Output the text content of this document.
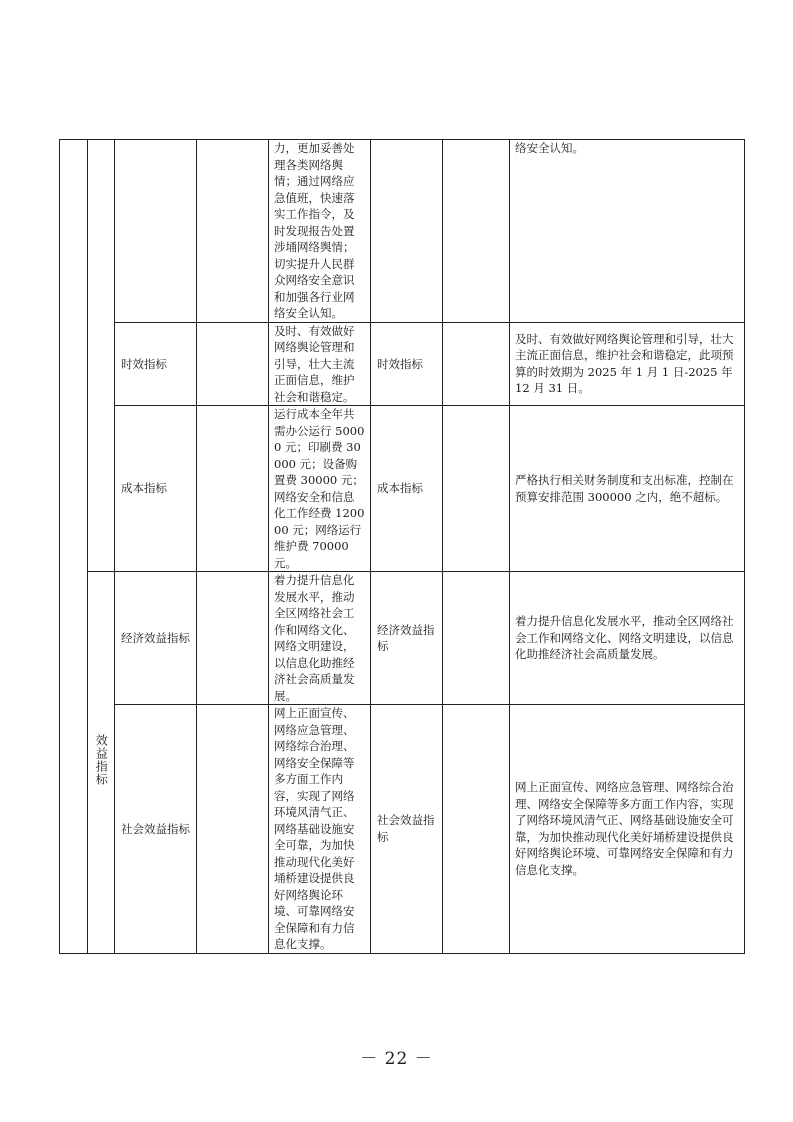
				力，更加妥善处理各类网络舆情；通过网络应急值班，快速落实工作指令，及时发现报告处置涉埇网络舆情；切实提升人民群众网络安全意识和加强各行业网络安全认知。			络安全认知。
		时效指标		及时、有效做好网络舆论管理和引导，壮大主流正面信息，维护社会和谐稳定。	时效指标		及时、有效做好网络舆论管理和引导，壮大主流正面信息，维护社会和谐稳定，此项预算的时效期为 2025 年 1 月 1 日-2025 年 12 月 31 日。
		成本指标		运行成本全年共需办公运行 50000 元；印刷费 30000 元；设备购置费 30000 元；网络安全和信息化工作经费 120000 元；网络运行维护费 70000 元。	成本指标		严格执行相关财务制度和支出标准，控制在预算安排范围 300000 之内，绝不超标。
	效益指标	经济效益指标		着力提升信息化发展水平，推动全区网络社会工作和网络文化、网络文明建设，以信息化助推经济社会高质量发展。	经济效益指标		着力提升信息化发展水平，推动全区网络社会工作和网络文化、网络文明建设，以信息化助推经济社会高质量发展。
		社会效益指标		网上正面宣传、网络应急管理、网络综合治理、网络安全保障等多方面工作内容，实现了网络环境风清气正、网络基础设施安全可靠，为加快推动现代化美好埇桥建设提供良好网络舆论环境、可靠网络安全保障和有力信息化支撑。	社会效益指标		网上正面宣传、网络应急管理、网络综合治理、网络安全保障等多方面工作内容，实现了网络环境风清气正、网络基础设施安全可靠，为加快推动现代化美好埇桥建设提供良好网络舆论环境、可靠网络安全保障和有力信息化支撑。
－ 22 －
